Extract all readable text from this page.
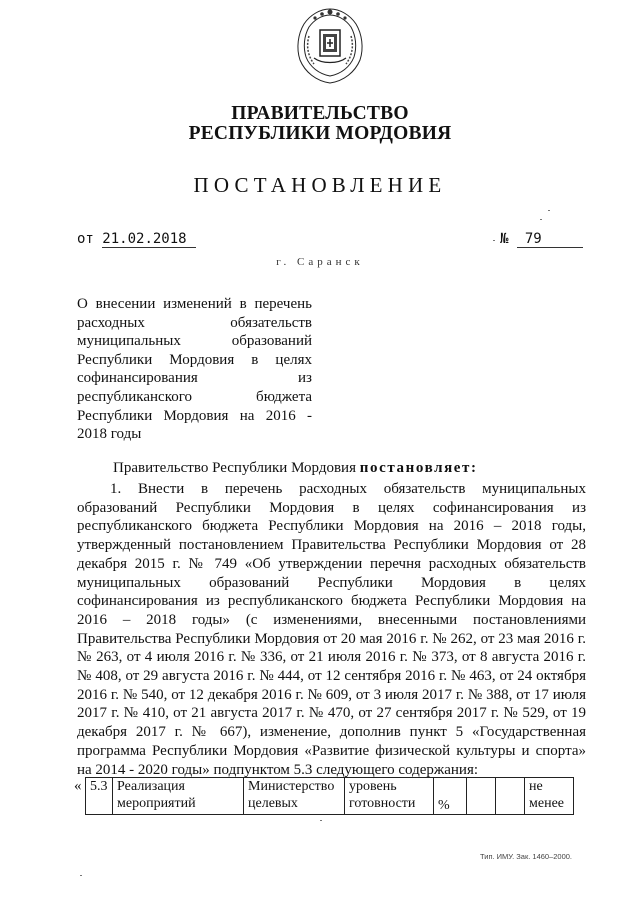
ПРАВИТЕЛЬСТВО
РЕСПУБЛИКИ МОРДОВИЯ
ПОСТАНОВЛЕНИЕ
от 21.02.2018	№ 79
г. Саранск
О внесении изменений в перечень расходных обязательств муниципальных образований Республики Мордовия в целях софинансирования из республиканского бюджета Республики Мордовия на 2016 - 2018 годы
Правительство Республики Мордовия постановляет:
1. Внести в перечень расходных обязательств муниципальных образований Республики Мордовия в целях софинансирования из республиканского бюджета Республики Мордовия на 2016 – 2018 годы, утвержденный постановлением Правительства Республики Мордовия от 28 декабря 2015 г. № 749 «Об утверждении перечня расходных обязательств муниципальных образований Республики Мордовия в целях софинансирования из республиканского бюджета Республики Мордовия на 2016 – 2018 годы» (с изменениями, внесенными постановлениями Правительства Республики Мордовия от 20 мая 2016 г. № 262, от 23 мая 2016 г. № 263, от 4 июля 2016 г. № 336, от 21 июля 2016 г. № 373, от 8 августа 2016 г. № 408, от 29 августа 2016 г. № 444, от 12 сентября 2016 г. № 463, от 24 октября 2016 г. № 540, от 12 декабря 2016 г. № 609, от 3 июля 2017 г. № 388, от 17 июля 2017 г. № 410, от 21 августа 2017 г. № 470, от 27 сентября 2017 г. № 529, от 19 декабря 2017 г. № 667), изменение, дополнив пункт 5 «Государственная программа Республики Мордовия «Развитие физической культуры и спорта» на 2014 - 2020 годы» подпунктом 5.3 следующего содержания:
« 5.3	Реализация мероприятий	Министерство целевых	уровень готовности	%			не менее
Тип. ИМУ. Зак. 1460–2000.
